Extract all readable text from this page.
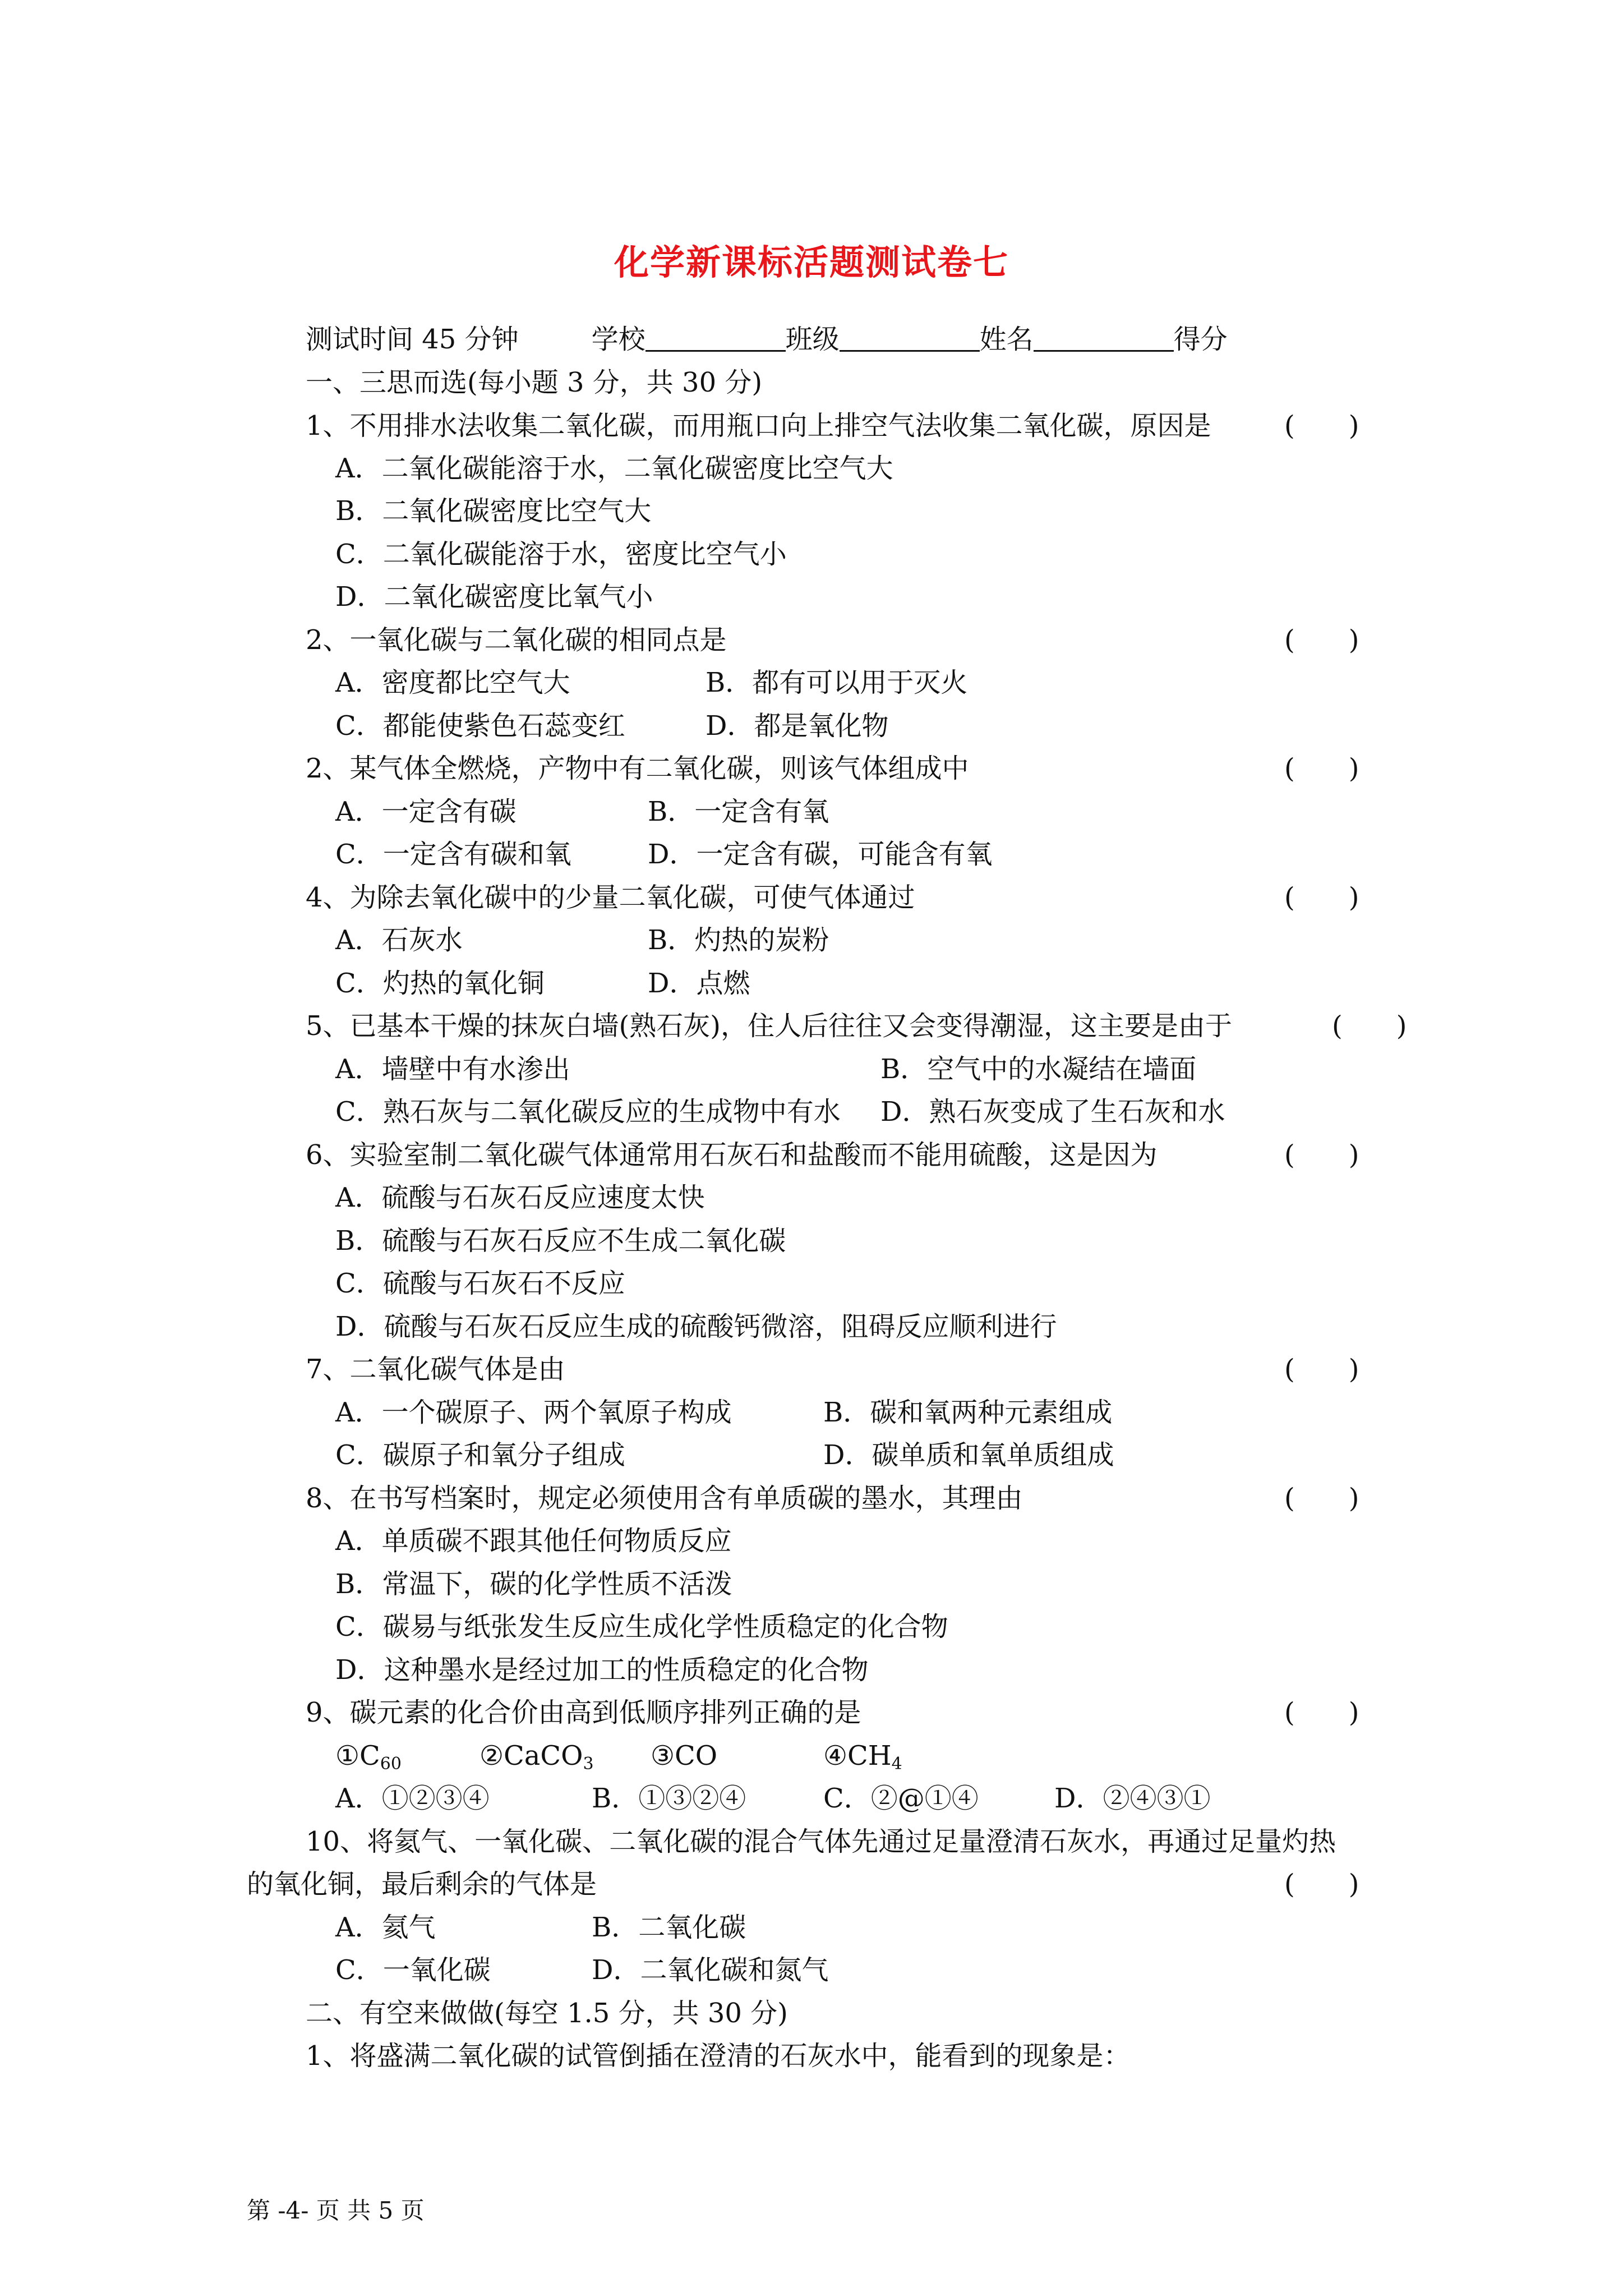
化学新课标活题测试卷七
测试时间 45 分钟	学校	班级	姓名	得分
一、三思而选(每小题 3 分，共 30 分)
1、不用排水法收集二氧化碳，而用瓶口向上排空气法收集二氧化碳，原因是	(　　)
A．二氧化碳能溶于水，二氧化碳密度比空气大
B．二氧化碳密度比空气大
C．二氧化碳能溶于水，密度比空气小
D．二氧化碳密度比氧气小
2、一氧化碳与二氧化碳的相同点是	(　　)
A．密度都比空气大	B．都有可以用于灭火
C．都能使紫色石蕊变红	D．都是氧化物
2、某气体全燃烧，产物中有二氧化碳，则该气体组成中	(　　)
A．一定含有碳	B．一定含有氧
C．一定含有碳和氧	D．一定含有碳，可能含有氧
4、为除去氧化碳中的少量二氧化碳，可使气体通过	(　　)
A．石灰水	B．灼热的炭粉
C．灼热的氧化铜	D．点燃
5、已基本干燥的抹灰白墙(熟石灰)，住人后往往又会变得潮湿，这主要是由于	(　　)
A．墙壁中有水渗出	B．空气中的水凝结在墙面
C．熟石灰与二氧化碳反应的生成物中有水 D．熟石灰变成了生石灰和水
6、实验室制二氧化碳气体通常用石灰石和盐酸而不能用硫酸，这是因为	(　　)
A．硫酸与石灰石反应速度太快
B．硫酸与石灰石反应不生成二氧化碳
C．硫酸与石灰石不反应
D．硫酸与石灰石反应生成的硫酸钙微溶，阻碍反应顺利进行
7、二氧化碳气体是由	(　　)
A．一个碳原子、两个氧原子构成	B．碳和氧两种元素组成
C．碳原子和氧分子组成	D．碳单质和氧单质组成
8、在书写档案时，规定必须使用含有单质碳的墨水，其理由	(　　)
A．单质碳不跟其他任何物质反应
B．常温下，碳的化学性质不活泼
C．碳易与纸张发生反应生成化学性质稳定的化合物
D．这种墨水是经过加工的性质稳定的化合物
9、碳元素的化合价由高到低顺序排列正确的是	(　　)
$①C_{60}$	②CaCO$_3$ ③CO	$④CH_4$
A．①②③④	B．①③②④	C．②@①④	D．②④③①
10、将氦气、一氧化碳、二氧化碳的混合气体先通过足量澄清石灰水，再通过足量灼热
的氧化铜，最后剩余的气体是	(　　)
A．氦气	B．二氧化碳
C．一氧化碳	D．二氧化碳和氮气
二、有空来做做(每空 1.5 分，共 30 分)
1、将盛满二氧化碳的试管倒插在澄清的石灰水中，能看到的现象是：
第 -4- 页 共 5 页
